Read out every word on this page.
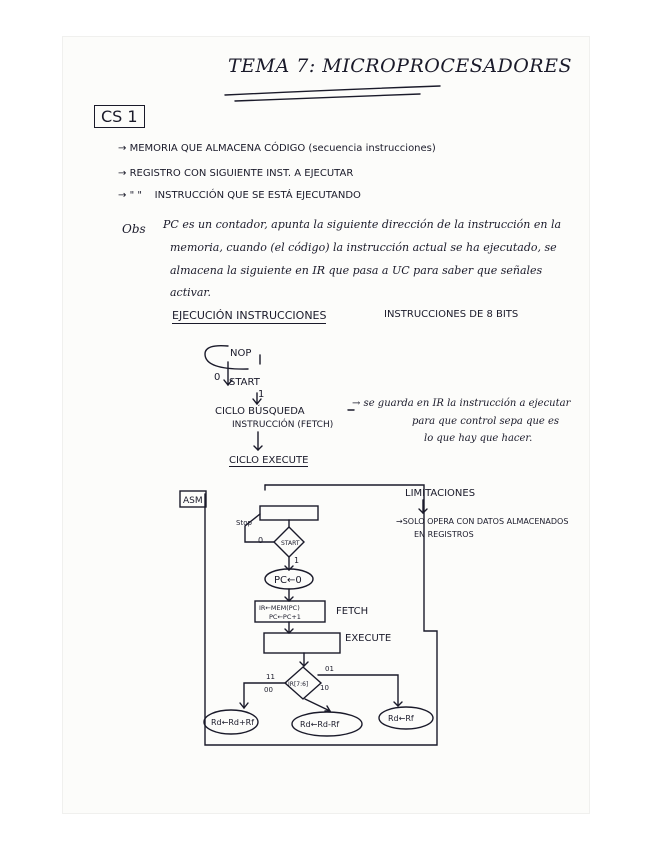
TEMA 7: MICROPROCESADORES
CS 1
→ MEMORIA QUE ALMACENA CÓDIGO (secuencia instrucciones)
→ REGISTRO CON SIGUIENTE INST. A EJECUTAR
→ " " INSTRUCCIÓN QUE SE ESTÁ EJECUTANDO
Obs PC es un contador, apunta la siguiente dirección de la instrucción en la
memoria, cuando (el código) la instrucción actual se ha ejecutado, se
almacena la siguiente en IR que pasa a UC para saber que señales
activar.
EJECUCIÓN INSTRUCCIONES	INSTRUCCIONES DE 8 BITS
NOP
0 START
1
CICLO BÚSQUEDA
INSTRUCCIÓN (FETCH)
CICLO EXECUTE
→ se guarda en IR la instrucción a ejecutar
para que control sepa que es
lo que hay que hacer.
LIMITACIONES
→SOLO OPERA CON DATOS ALMACENADOS
EN REGISTROS
ASM
Stop
0	START
1
PC←0
IR←MEM(PC)
PC←PC+1	FETCH
EXECUTE
IR[7:6]
11
01
00	10
Rd←Rd+Rf	Rd←Rd-Rf
Rd←Rf
